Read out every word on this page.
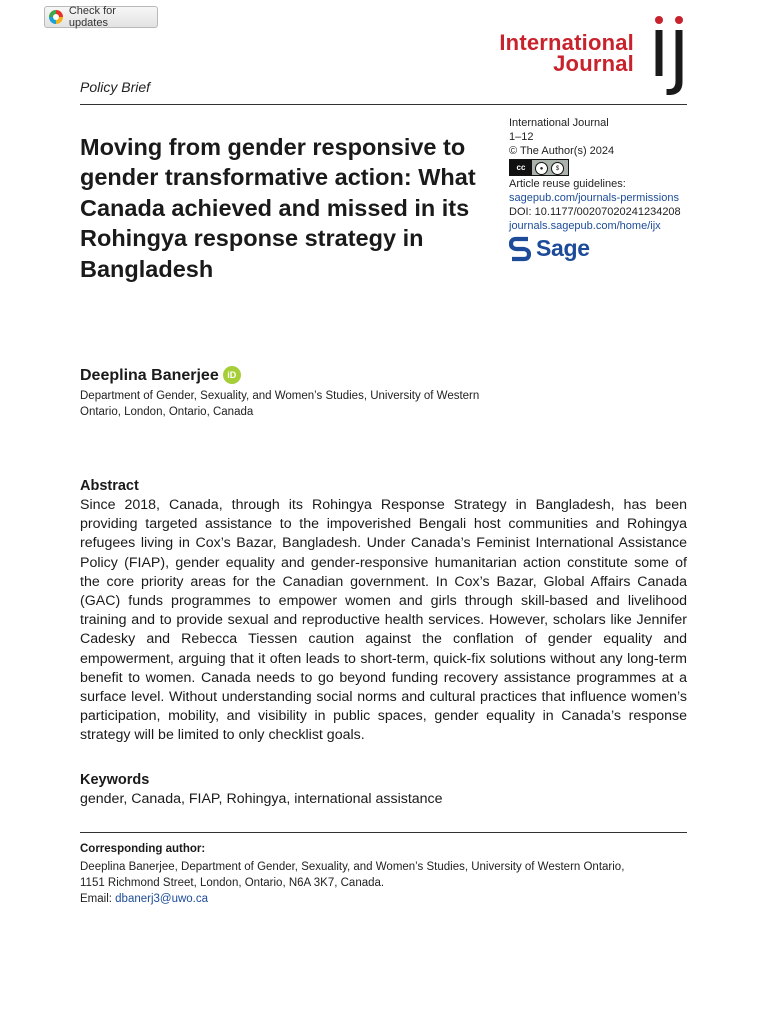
Check for updates
International
Journal
Policy Brief
International Journal
1–12
© The Author(s) 2024
cc	●	$
Article reuse guidelines:
sagepub.com/journals-permissions
DOI: 10.1177/00207020241234208
journals.sagepub.com/home/ijx
Sage
Moving from gender responsive to gender transformative action: What Canada achieved and missed in its Rohingya response strategy in Bangladesh
Deeplina Banerjee iD
Department of Gender, Sexuality, and Women’s Studies, University of Western Ontario, London, Ontario, Canada
Abstract
Since 2018, Canada, through its Rohingya Response Strategy in Bangladesh, has been providing targeted assistance to the impoverished Bengali host communities and Rohingya refugees living in Cox’s Bazar, Bangladesh. Under Canada’s Feminist International Assistance Policy (FIAP), gender equality and gender-responsive humanitarian action constitute some of the core priority areas for the Canadian government. In Cox’s Bazar, Global Affairs Canada (GAC) funds programmes to empower women and girls through skill-based and livelihood training and to provide sexual and reproductive health services. However, scholars like Jennifer Cadesky and Rebecca Tiessen caution against the conflation of gender equality and empowerment, arguing that it often leads to short-term, quick-fix solutions without any long-term benefit to women. Canada needs to go beyond funding recovery assistance programmes at a surface level. Without understanding social norms and cultural practices that influence women’s participation, mobility, and visibility in public spaces, gender equality in Canada’s response strategy will be limited to only checklist goals.
Keywords
gender, Canada, FIAP, Rohingya, international assistance
Corresponding author:
Deeplina Banerjee, Department of Gender, Sexuality, and Women’s Studies, University of Western Ontario,
1151 Richmond Street, London, Ontario, N6A 3K7, Canada.
Email: dbanerj3@uwo.ca
